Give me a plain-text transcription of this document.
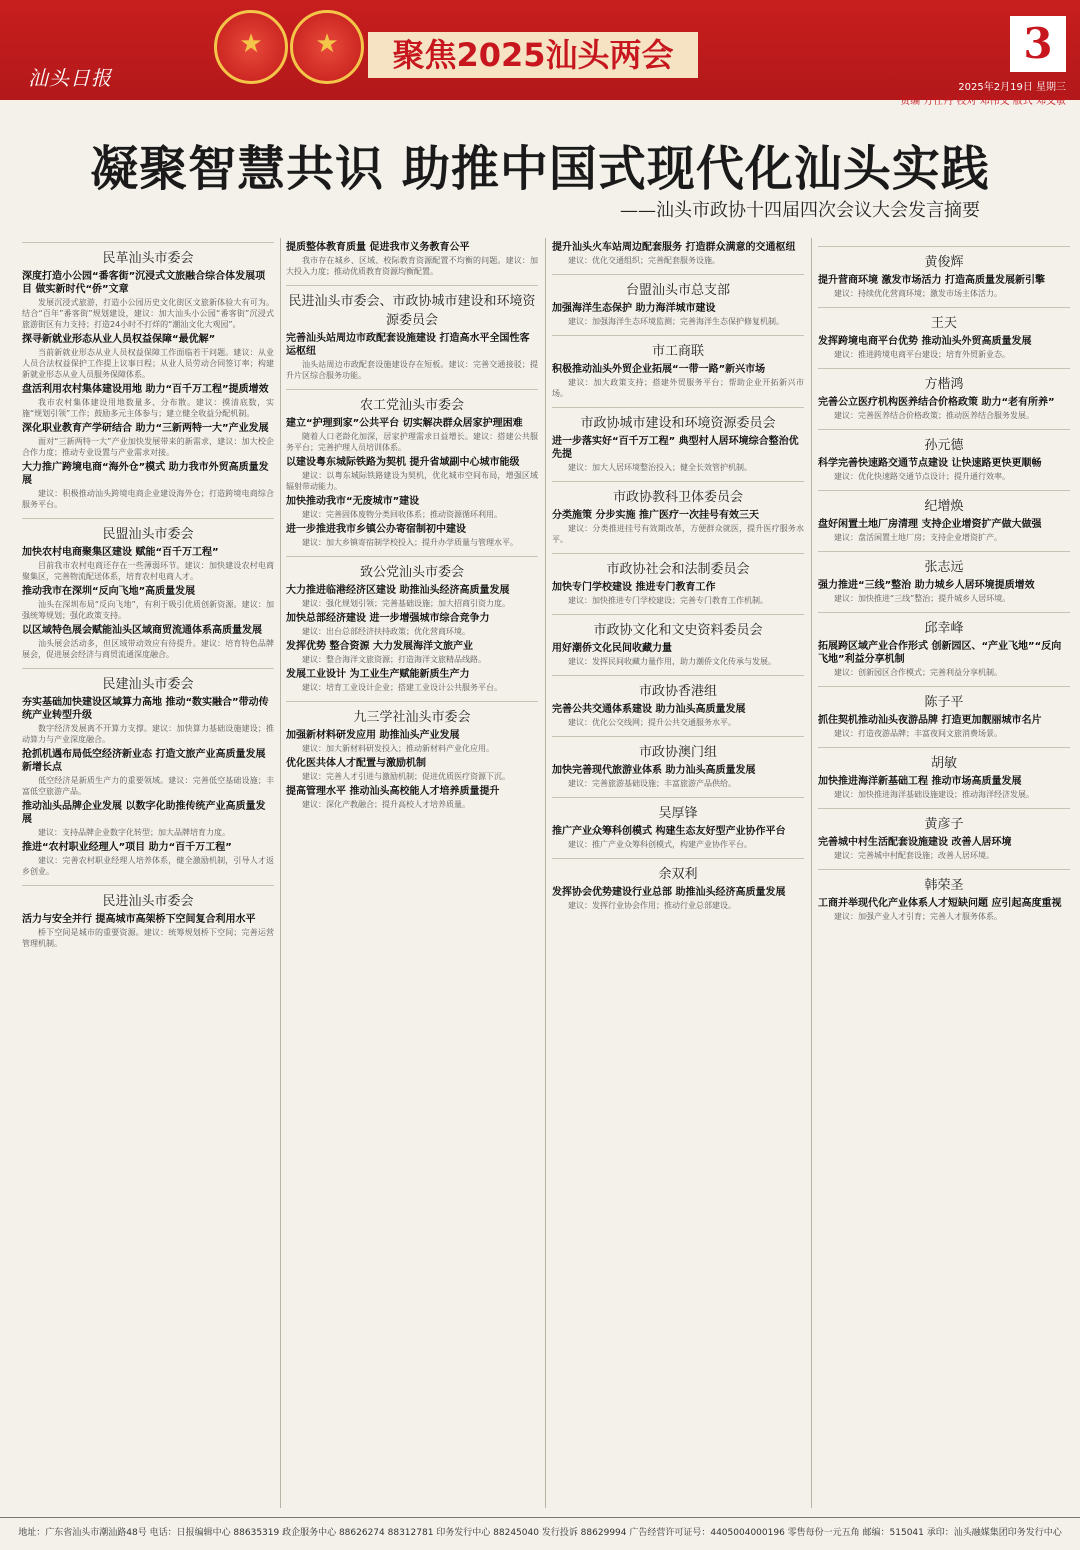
汕头日报
★
★
聚焦2025汕头两会	3
2025年2月19日 星期三
责编 方仕丹 校对 邓伟文 版式 邓文敏
凝聚智慧共识 助推中国式现代化汕头实践
——汕头市政协十四届四次会议大会发言摘要
民革汕头市委会
深度打造小公园“番客街”沉浸式文旅融合综合体发展项目 做实新时代“侨”文章

发展沉浸式旅游，打造小公园历史文化街区文旅新体验大有可为。结合“百年”番客街”规划建设，建议：加大汕头小公园“番客街”沉浸式旅游街区有力支持；打造24小时不打烊的“潮汕文化大观园”。

探寻新就业形态从业人员权益保障“最优解”

当前新就业形态从业人员权益保障工作面临若干问题。建议：从业人员合法权益保护工作提上议事日程；从业人员劳动合同签订率；构建新就业形态从业人员服务保障体系。

盘活利用农村集体建设用地 助力“百千万工程”提质增效

我市农村集体建设用地数量多、分布散。建议：摸清底数，实施“规划引领”工作；鼓励多元主体参与；建立健全收益分配机制。

深化职业教育产学研结合 助力“三新两特一大”产业发展

面对“三新两特一大”产业加快发展带来的新需求，建议：加大校企合作力度；推动专业设置与产业需求对接。

大力推广跨境电商“海外仓”模式 助力我市外贸高质量发展

建议：积极推动汕头跨境电商企业建设海外仓；打造跨境电商综合服务平台。

民盟汕头市委会
加快农村电商聚集区建设 赋能“百千万工程”

目前我市农村电商还存在一些薄弱环节。建议：加快建设农村电商聚集区，完善物流配送体系，培育农村电商人才。

推动我市在深圳“反向飞地”高质量发展

汕头在深圳布局“反向飞地”，有利于吸引优质创新资源。建议：加强统筹规划；强化政策支持。

以区域特色展会赋能汕头区域商贸流通体系高质量发展

汕头展会活动多，但区域带动效应有待提升。建议：培育特色品牌展会，促进展会经济与商贸流通深度融合。

民建汕头市委会
夯实基础加快建设区域算力高地 推动“数实融合”带动传统产业转型升级

数字经济发展离不开算力支撑。建议：加快算力基础设施建设；推动算力与产业深度融合。

抢抓机遇布局低空经济新业态 打造文旅产业高质量发展新增长点

低空经济是新质生产力的重要领域。建议：完善低空基础设施；丰富低空旅游产品。

推动汕头品牌企业发展 以数字化助推传统产业高质量发展

建议：支持品牌企业数字化转型；加大品牌培育力度。

推进“农村职业经理人”项目 助力“百千万工程”

建议：完善农村职业经理人培养体系，健全激励机制，引导人才返乡创业。

民进汕头市委会
活力与安全并行 提高城市高架桥下空间复合利用水平

桥下空间是城市的重要资源。建议：统筹规划桥下空间；完善运营管理机制。

提质整体教育质量 促进我市义务教育公平

我市存在城乡、区域、校际教育资源配置不均衡的问题。建议：加大投入力度；推动优质教育资源均衡配置。

民进汕头市委会、市政协城市建设和环境资源委员会
完善汕头站周边市政配套设施建设 打造高水平全国性客运枢纽

汕头站周边市政配套设施建设存在短板。建议：完善交通接驳；提升片区综合服务功能。

农工党汕头市委会
建立“护理到家”公共平台 切实解决群众居家护理困难

随着人口老龄化加深，居家护理需求日益增长。建议：搭建公共服务平台；完善护理人员培训体系。

以建设粤东城际铁路为契机 提升省域副中心城市能级

建议：以粤东城际铁路建设为契机，优化城市空间布局，增强区域辐射带动能力。

加快推动我市“无废城市”建设

建议：完善固体废物分类回收体系；推动资源循环利用。

进一步推进我市乡镇公办寄宿制初中建设

建议：加大乡镇寄宿制学校投入；提升办学质量与管理水平。

致公党汕头市委会
大力推进临港经济区建设 助推汕头经济高质量发展

建议：强化规划引领；完善基础设施；加大招商引资力度。

加快总部经济建设 进一步增强城市综合竞争力

建议：出台总部经济扶持政策；优化营商环境。

发挥优势 整合资源 大力发展海洋文旅产业

建议：整合海洋文旅资源；打造海洋文旅精品线路。

发展工业设计 为工业生产赋能新质生产力

建议：培育工业设计企业；搭建工业设计公共服务平台。

九三学社汕头市委会
加强新材料研发应用 助推汕头产业发展

建议：加大新材料研发投入；推动新材料产业化应用。

优化医共体人才配置与激励机制

建议：完善人才引进与激励机制；促进优质医疗资源下沉。

提高管理水平 推动汕头高校能人才培养质量提升

建议：深化产教融合；提升高校人才培养质量。

提升汕头火车站周边配套服务 打造群众满意的交通枢纽

建议：优化交通组织；完善配套服务设施。

台盟汕头市总支部
加强海洋生态保护 助力海洋城市建设

建议：加强海洋生态环境监测；完善海洋生态保护修复机制。

市工商联
积极推动汕头外贸企业拓展“一带一路”新兴市场

建议：加大政策支持；搭建外贸服务平台；帮助企业开拓新兴市场。

市政协城市建设和环境资源委员会
进一步落实好“百千万工程” 典型村人居环境综合整治优先提

建议：加大人居环境整治投入；健全长效管护机制。

市政协教科卫体委员会
分类施策 分步实施 推广医疗一次挂号有效三天

建议：分类推进挂号有效期改革，方便群众就医，提升医疗服务水平。

市政协社会和法制委员会
加快专门学校建设 推进专门教育工作

建议：加快推进专门学校建设；完善专门教育工作机制。

市政协文化和文史资料委员会
用好潮侨文化民间收藏力量

建议：发挥民间收藏力量作用，助力潮侨文化传承与发展。

市政协香港组
完善公共交通体系建设 助力汕头高质量发展

建议：优化公交线网；提升公共交通服务水平。

市政协澳门组
加快完善现代旅游业体系 助力汕头高质量发展

建议：完善旅游基础设施；丰富旅游产品供给。

吴厚锋
推广产业众筹科创模式 构建生态友好型产业协作平台

建议：推广产业众筹科创模式，构建产业协作平台。

余双利
发挥协会优势建设行业总部 助推汕头经济高质量发展

建议：发挥行业协会作用；推动行业总部建设。

黄俊辉
提升营商环境 激发市场活力 打造高质量发展新引擎

建议：持续优化营商环境；激发市场主体活力。

王天
发挥跨境电商平台优势 推动汕头外贸高质量发展

建议：推进跨境电商平台建设；培育外贸新业态。

方楷鸿
完善公立医疗机构医养结合价格政策 助力“老有所养”

建议：完善医养结合价格政策；推动医养结合服务发展。

孙元德
科学完善快速路交通节点建设 让快速路更快更顺畅

建议：优化快速路交通节点设计；提升通行效率。

纪增焕
盘好闲置土地厂房清理 支持企业增资扩产做大做强

建议：盘活闲置土地厂房；支持企业增资扩产。

张志远
强力推进“三线”整治 助力城乡人居环境提质增效

建议：加快推进“三线”整治；提升城乡人居环境。

邱幸峰
拓展跨区域产业合作形式 创新园区、“产业飞地”“反向飞地”利益分享机制

建议：创新园区合作模式；完善利益分享机制。

陈子平
抓住契机推动汕头夜游品牌 打造更加靓丽城市名片

建议：打造夜游品牌；丰富夜间文旅消费场景。

胡敏
加快推进海洋新基础工程 推动市场高质量发展

建议：加快推进海洋基础设施建设；推动海洋经济发展。

黄彦子
完善城中村生活配套设施建设 改善人居环境

建议：完善城中村配套设施；改善人居环境。

韩荣圣
工商并举现代化产业体系人才短缺问题 应引起高度重视

建议：加强产业人才引育；完善人才服务体系。

地址：广东省汕头市潮汕路48号 电话：日报编辑中心 88635319 政企服务中心 88626274 88312781 印务发行中心 88245040 发行投诉 88629994 广告经营许可证号：4405004000196 零售每份一元五角 邮编：515041 承印：汕头融媒集团印务发行中心
